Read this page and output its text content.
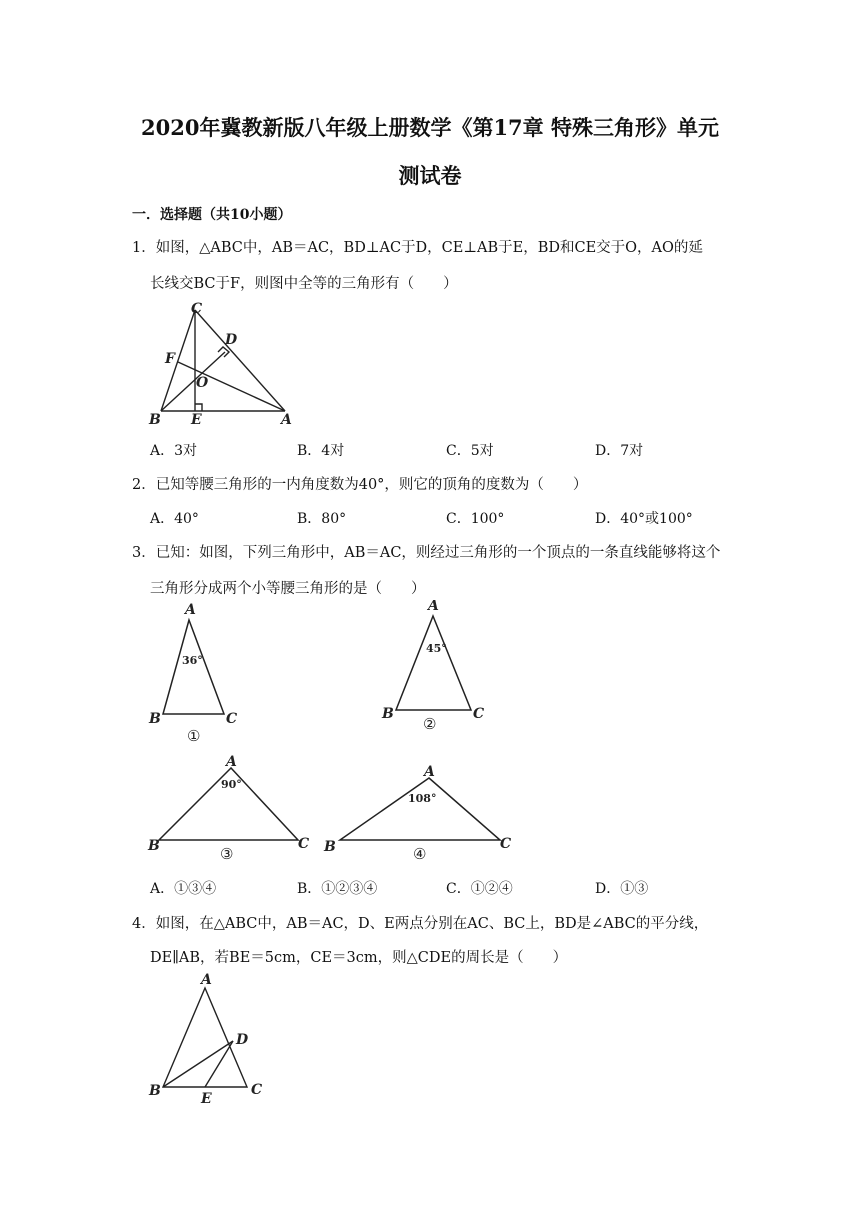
2020年冀教新版八年级上册数学《第17章 特殊三角形》单元
测试卷
一．选择题（共10小题）
1．如图，△ABC中，AB＝AC，BD⊥AC于D，CE⊥AB于E，BD和CE交于O，AO的延
长线交BC于F，则图中全等的三角形有（　　）
C
D
F
O
B E	A
A．3对	B．4对	C．5对	D．7对
2．已知等腰三角形的一内角度数为40°，则它的顶角的度数为（　　）
A．40°	B．80°	C．100°	D．40°或100°
3．已知：如图，下列三角形中，AB＝AC，则经过三角形的一个顶点的一条直线能够将这个
三角形分成两个小等腰三角形的是（　　）
A
B	C
36°
①
A
B	C
45°
②
A
B	C
90°
③
A
B	C
108°
④
A．①③④	B．①②③④	C．①②④	D．①③
4．如图，在△ABC中，AB＝AC，D、E两点分别在AC、BC上，BD是∠ABC的平分线，
DE∥AB，若BE＝5cm，CE＝3cm，则△CDE的周长是（　　）
A
D
B	E
C
